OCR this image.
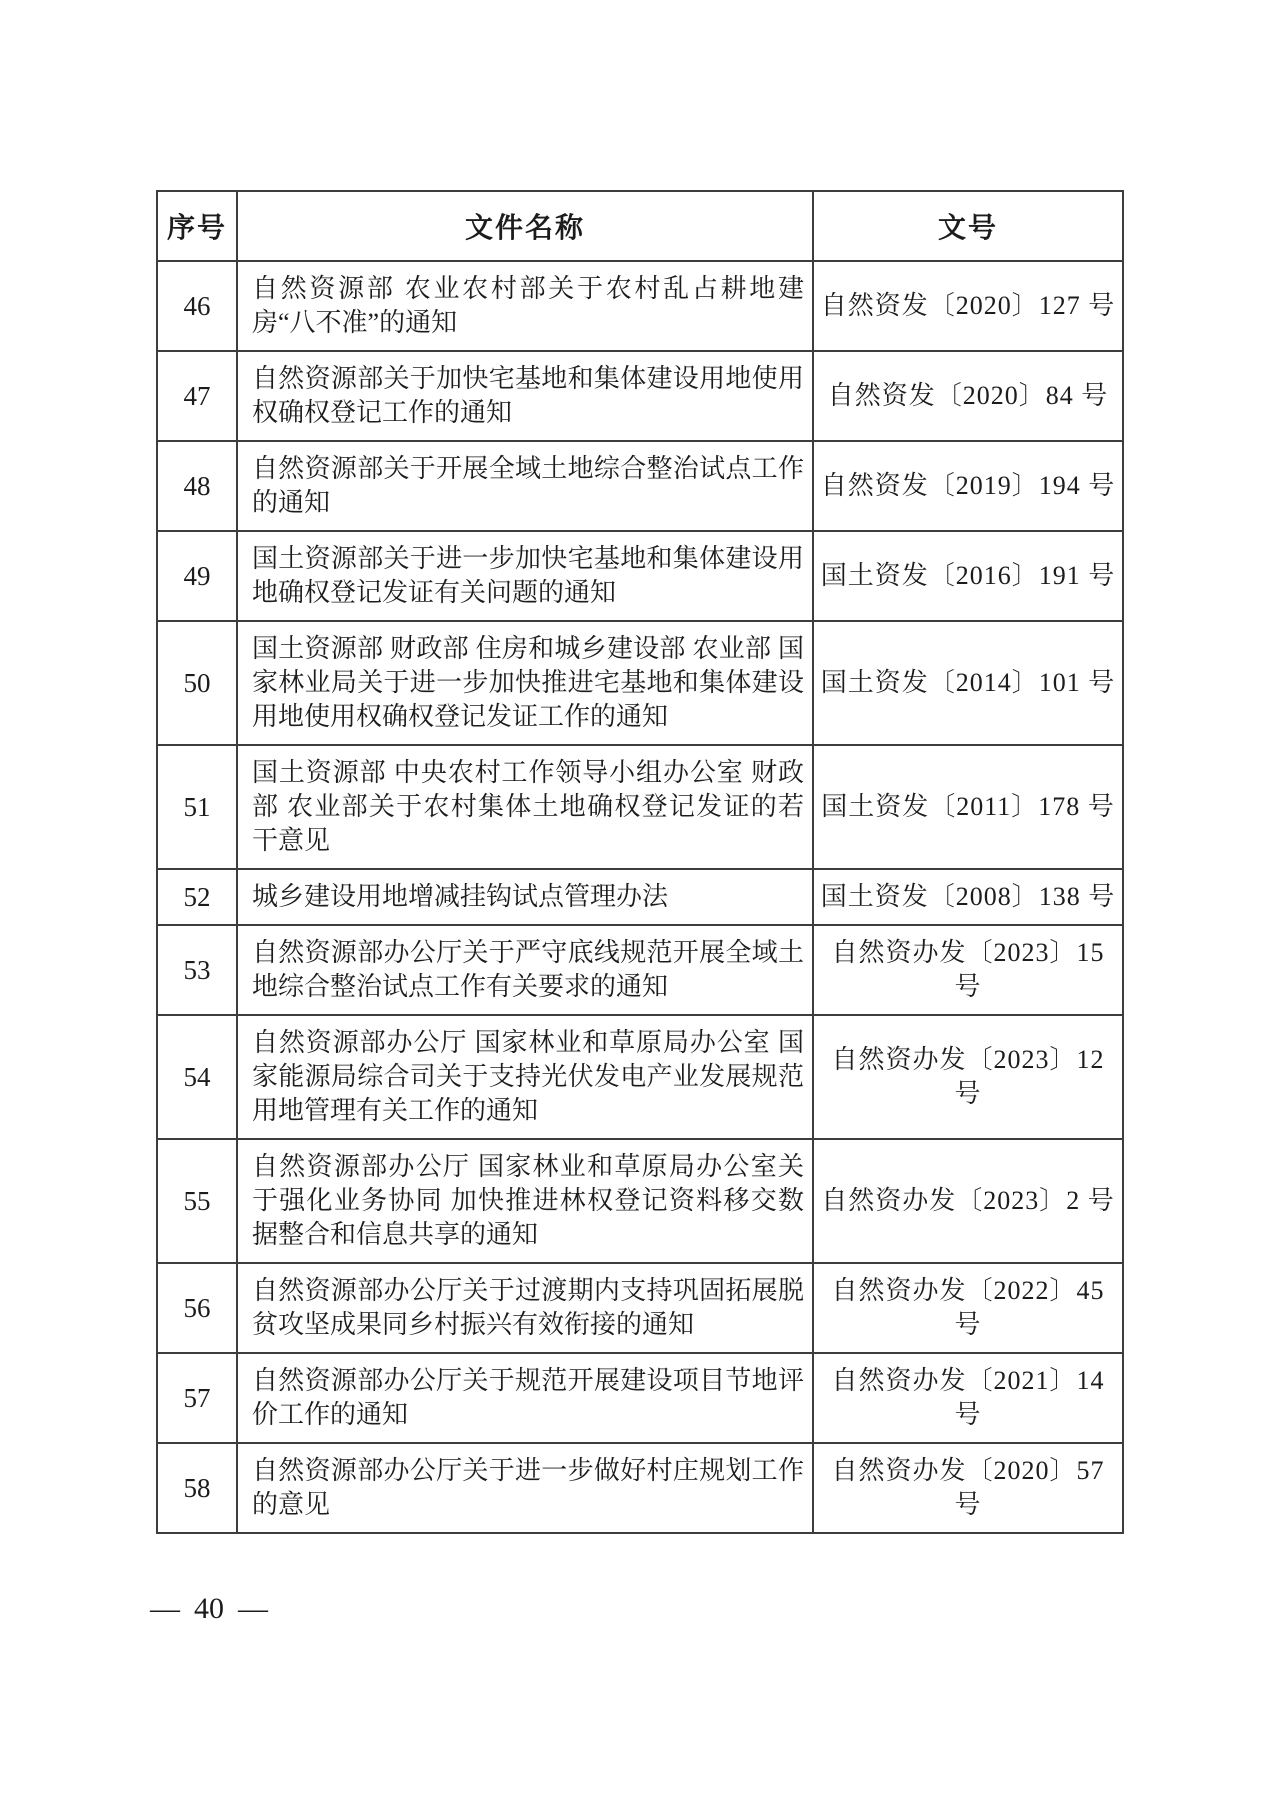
序号	文件名称	文号
46	自然资源部 农业农村部关于农村乱占耕地建房“八不准”的通知	自然资发〔2020〕127 号
47	自然资源部关于加快宅基地和集体建设用地使用权确权登记工作的通知	自然资发〔2020〕84 号
48	自然资源部关于开展全域土地综合整治试点工作的通知	自然资发〔2019〕194 号
49	国土资源部关于进一步加快宅基地和集体建设用地确权登记发证有关问题的通知	国土资发〔2016〕191 号
50	国土资源部 财政部 住房和城乡建设部 农业部 国家林业局关于进一步加快推进宅基地和集体建设用地使用权确权登记发证工作的通知	国土资发〔2014〕101 号
51	国土资源部 中央农村工作领导小组办公室 财政部 农业部关于农村集体土地确权登记发证的若干意见	国土资发〔2011〕178 号
52	城乡建设用地增减挂钩试点管理办法	国土资发〔2008〕138 号
53	自然资源部办公厅关于严守底线规范开展全域土地综合整治试点工作有关要求的通知	自然资办发〔2023〕15 号
54	自然资源部办公厅 国家林业和草原局办公室 国家能源局综合司关于支持光伏发电产业发展规范用地管理有关工作的通知	自然资办发〔2023〕12 号
55	自然资源部办公厅 国家林业和草原局办公室关于强化业务协同 加快推进林权登记资料移交数据整合和信息共享的通知	自然资办发〔2023〕2 号
56	自然资源部办公厅关于过渡期内支持巩固拓展脱贫攻坚成果同乡村振兴有效衔接的通知	自然资办发〔2022〕45 号
57	自然资源部办公厅关于规范开展建设项目节地评价工作的通知	自然资办发〔2021〕14 号
58	自然资源部办公厅关于进一步做好村庄规划工作的意见	自然资办发〔2020〕57 号
— 40 —
